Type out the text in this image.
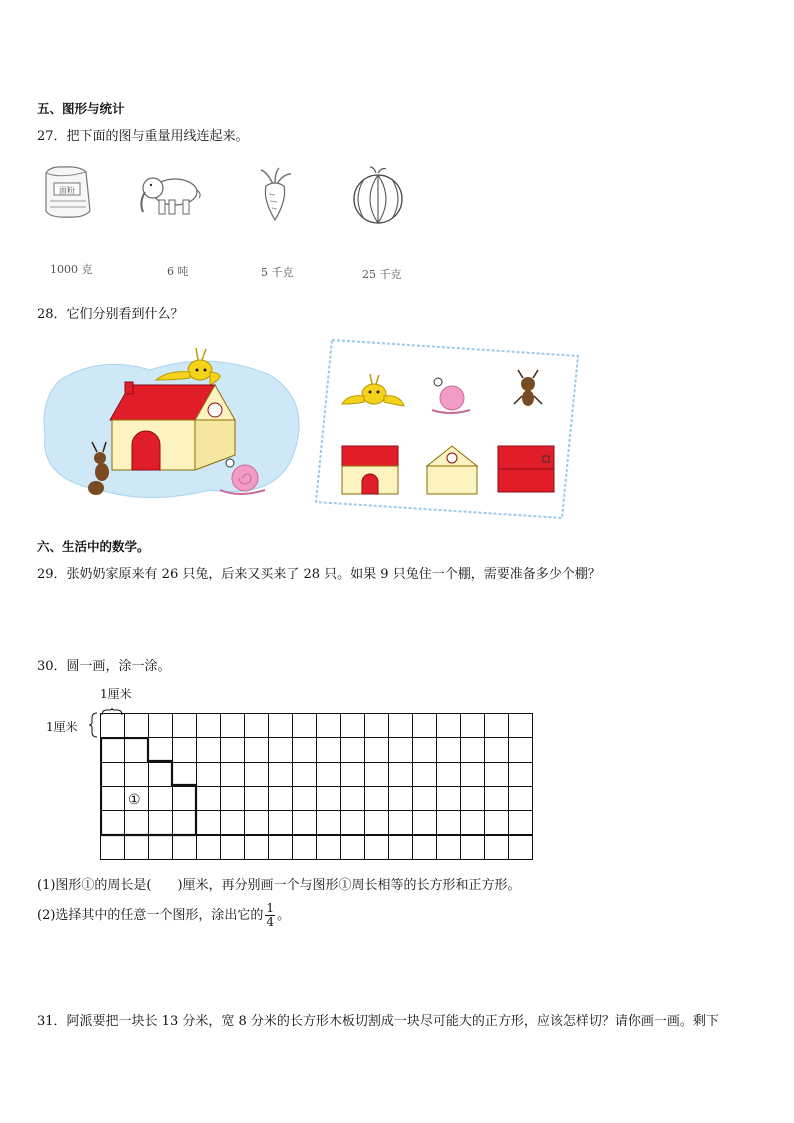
五、图形与统计
27．把下面的图与重量用线连起来。
面粉
1000 克	6 吨	5 千克	25 千克
28．它们分别看到什么？
六、生活中的数学。
29．张奶奶家原来有 26 只兔，后来又买来了 28 只。如果 9 只兔住一个棚，需要准备多少个棚？
30．圆一画，涂一涂。
1厘米
1厘米
①
(1)图形①的周长是(　　)厘米，再分别画一个与图形①周长相等的长方形和正方形。
(2)选择其中的任意一个图形，涂出它的 $\frac{1}{4}$ 。
31．阿派要把一块长 13 分米，宽 8 分米的长方形木板切割成一块尽可能大的正方形，应该怎样切？请你画一画。剩下
